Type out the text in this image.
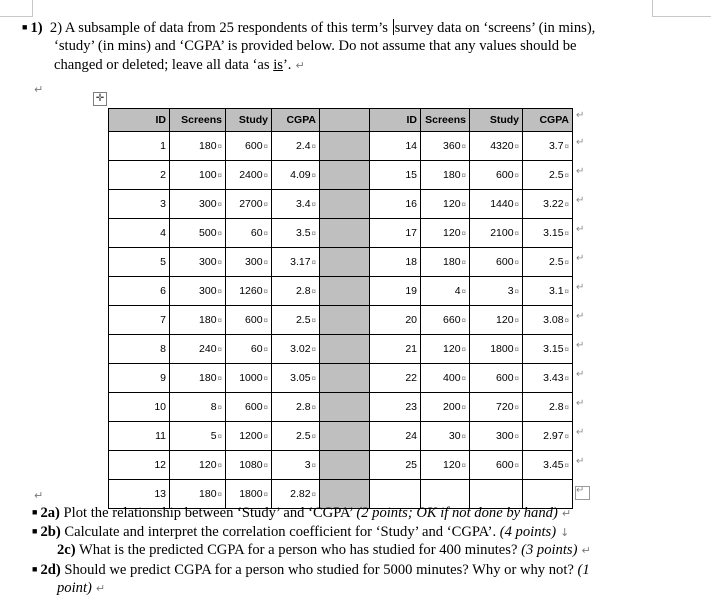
■ 1) 2) A subsample of data from 25 respondents of this term’s survey data on ‘screens’ (in mins),
‘study’ (in mins) and ‘CGPA’ is provided below. Do not assume that any values should be
changed or deleted; leave all data ‘as is’. ↵
↵
✛
ID	Screens	Study	CGPA		ID	Screens	Study	CGPA
1	180¤	600¤	2.4¤		14	360¤	4320¤	3.7¤
2	100¤	2400¤	4.09¤		15	180¤	600¤	2.5¤
3	300¤	2700¤	3.4¤		16	120¤	1440¤	3.22¤
4	500¤	60¤	3.5¤		17	120¤	2100¤	3.15¤
5	300¤	300¤	3.17¤		18	180¤	600¤	2.5¤
6	300¤	1260¤	2.8¤		19	4¤	3¤	3.1¤
7	180¤	600¤	2.5¤		20	660¤	120¤	3.08¤
8	240¤	60¤	3.02¤		21	120¤	1800¤	3.15¤
9	180¤	1000¤	3.05¤		22	400¤	600¤	3.43¤
10	8¤	600¤	2.8¤		23	200¤	720¤	2.8¤
11	5¤	1200¤	2.5¤		24	30¤	300¤	2.97¤
12	120¤	1080¤	3¤		25	120¤	600¤	3.45¤
13	180¤	1800¤	2.82¤					
↵
■ 2a) Plot the relationship between ‘Study’ and ‘CGPA’ (2 points; OK if not done by hand) ↵
■ 2b) Calculate and interpret the correlation coefficient for ‘Study’ and ‘CGPA’. (4 points) ↓
2c) What is the predicted CGPA for a person who has studied for 400 minutes? (3 points) ↵
■ 2d) Should we predict CGPA for a person who studied for 5000 minutes? Why or why not? (1
point) ↵
↵
↵
↵
↵
↵
↵
↵
↵
↵
↵
↵
↵
↵
↵
